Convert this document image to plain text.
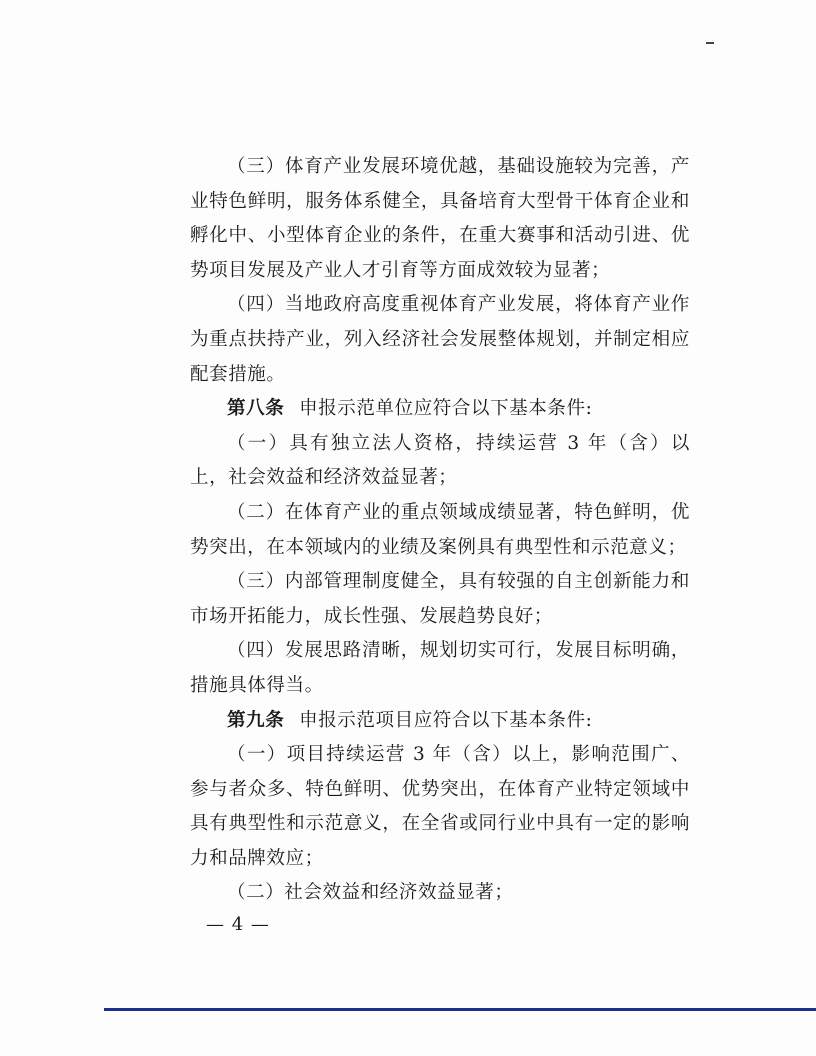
（三）体育产业发展环境优越，基础设施较为完善，产业特色鲜明，服务体系健全，具备培育大型骨干体育企业和孵化中、小型体育企业的条件，在重大赛事和活动引进、优势项目发展及产业人才引育等方面成效较为显著；

（四）当地政府高度重视体育产业发展，将体育产业作为重点扶持产业，列入经济社会发展整体规划，并制定相应配套措施。

第八条 申报示范单位应符合以下基本条件:

（一）具有独立法人资格，持续运营 3 年（含）以上，社会效益和经济效益显著；

（二）在体育产业的重点领域成绩显著，特色鲜明，优势突出，在本领域内的业绩及案例具有典型性和示范意义；

（三）内部管理制度健全，具有较强的自主创新能力和市场开拓能力，成长性强、发展趋势良好；

（四）发展思路清晰，规划切实可行，发展目标明确，措施具体得当。

第九条 申报示范项目应符合以下基本条件:

（一）项目持续运营 3 年（含）以上，影响范围广、参与者众多、特色鲜明、优势突出，在体育产业特定领域中具有典型性和示范意义，在全省或同行业中具有一定的影响力和品牌效应；

（二）社会效益和经济效益显著；

— 4 —
